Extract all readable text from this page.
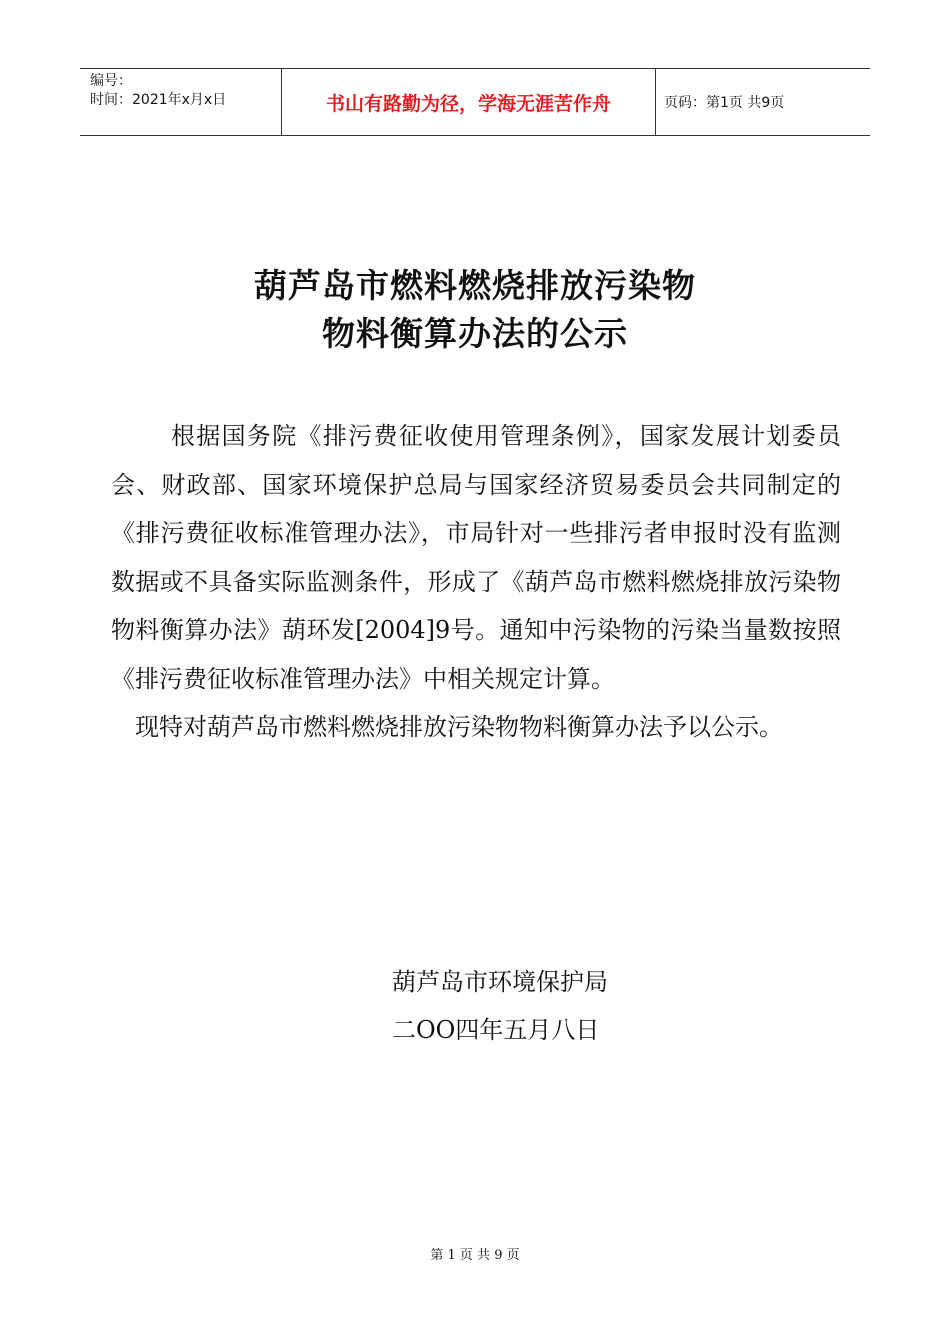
编号：
时间：2021年x月x日	书山有路勤为径，学海无涯苦作舟	页码：第1页 共9页
葫芦岛市燃料燃烧排放污染物
物料衡算办法的公示

根据国务院《排污费征收使用管理条例》，国家发展计划委员会、财政部、国家环境保护总局与国家经济贸易委员会共同制定的《排污费征收标准管理办法》，市局针对一些排污者申报时没有监测数据或不具备实际监测条件，形成了《葫芦岛市燃料燃烧排放污染物物料衡算办法》葫环发[2004]9号。通知中污染物的污染当量数按照《排污费征收标准管理办法》中相关规定计算。

现特对葫芦岛市燃料燃烧排放污染物物料衡算办法予以公示。

葫芦岛市环境保护局
二OO四年五月八日
第 1 页 共 9 页
